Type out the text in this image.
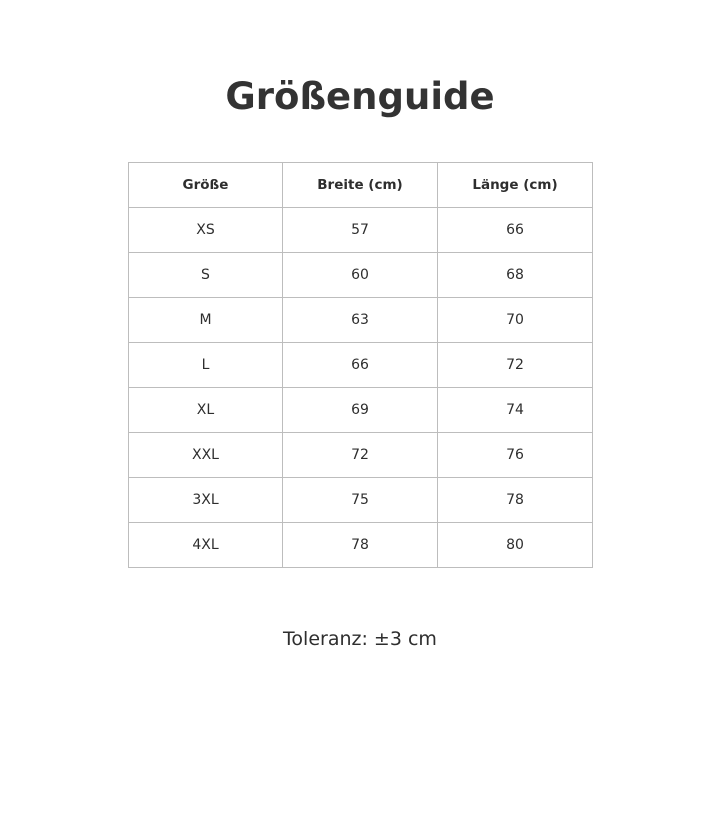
Größenguide
Größe	Breite (cm)	Länge (cm)
XS	57	66
S	60	68
M	63	70
L	66	72
XL	69	74
XXL	72	76
3XL	75	78
4XL	78	80
Toleranz: ±3 cm
